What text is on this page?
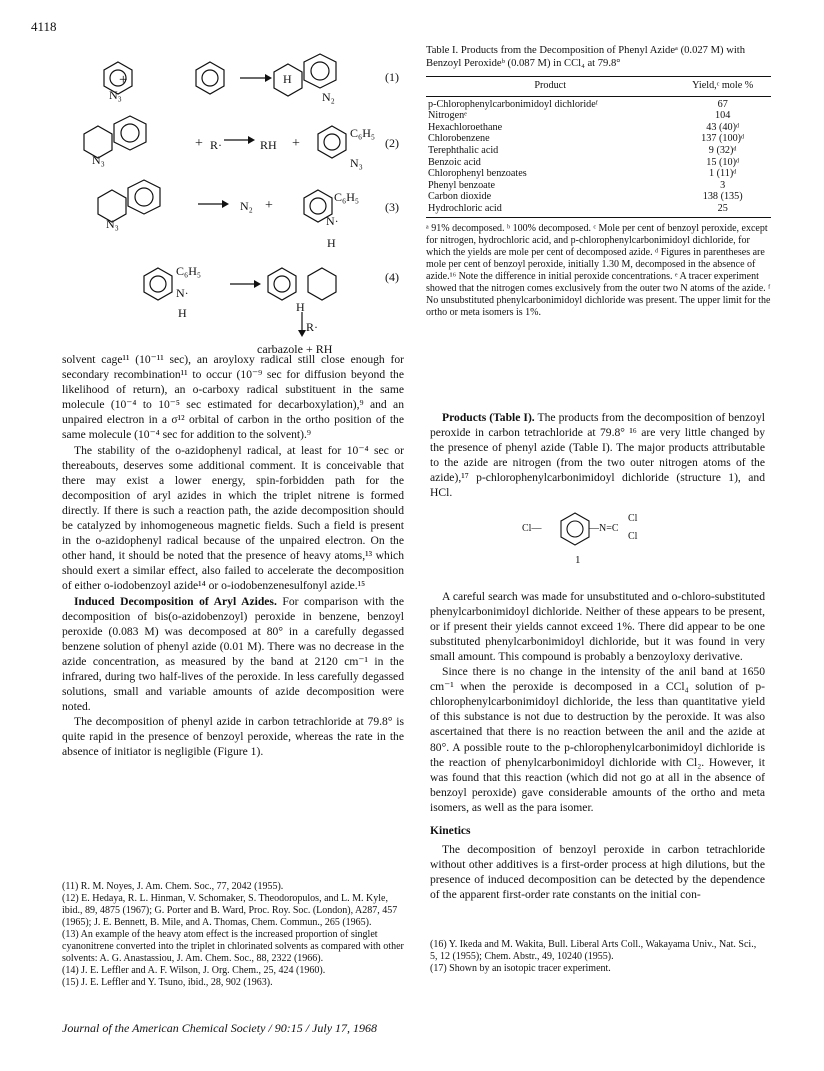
4118
+
N₃	N₂
H	(1)
N₃
+ R·	RH +
C₆H₅
N₃
(2)
N₃
N₂ +
C₆H₅
N·
H
(3)
C₆H₅
N·
H	H
(4)
R·
carbazole + RH
Table I. Products from the Decomposition of Phenyl Azideᵃ (0.027 M) with Benzoyl Peroxideᵇ (0.087 M) in CCl₄ at 79.8°
Product	Yield,ᶜ mole %
p-Chlorophenylcarbonimidoyl dichlorideᶠ	67
Nitrogenᵉ	104
Hexachloroethane	43 (40)ᵈ
Chlorobenzene	137 (100)ᵈ
Terephthalic acid	9 (32)ᵈ
Benzoic acid	15 (10)ᵈ
Chlorophenyl benzoates	1 (11)ᵈ
Phenyl benzoate	3
Carbon dioxide	138 (135)
Hydrochloric acid	25
ᵃ 91% decomposed. ᵇ 100% decomposed. ᶜ Mole per cent of benzoyl peroxide, except for nitrogen, hydrochloric acid, and p-chlorophenylcarbonimidoyl dichloride, for which the yields are mole per cent of decomposed azide. ᵈ Figures in parentheses are mole per cent of benzoyl peroxide, initially 1.30 M, decomposed in the absence of azide.¹⁶ Note the difference in initial peroxide concentrations. ᵉ A tracer experiment showed that the nitrogen comes exclusively from the outer two N atoms of the azide. ᶠ No unsubstituted phenylcarbonimidoyl dichloride was present. The upper limit for the ortho or meta isomers is 1%.

solvent cage¹¹ (10⁻¹¹ sec), an aroyloxy radical still close enough for secondary recombination¹¹ to occur (10⁻⁹ sec for diffusion beyond the likelihood of return), an o-carboxy radical substituent in the same molecule (10⁻⁴ to 10⁻⁵ sec estimated for decarboxylation),⁹ and an unpaired electron in a σ¹² orbital of carbon in the ortho position of the same molecule (10⁻⁴ sec for addition to the solvent).⁹

The stability of the o-azidophenyl radical, at least for 10⁻⁴ sec or thereabouts, deserves some additional comment. It is conceivable that there may exist a lower energy, spin-forbidden path for the decomposition of aryl azides in which the triplet nitrene is formed directly. If there is such a reaction path, the azide decomposition should be catalyzed by inhomogeneous magnetic fields. Such a field is present in the o-azidophenyl radical because of the unpaired electron. On the other hand, it should be noted that the presence of heavy atoms,¹³ which should exert a similar effect, also failed to accelerate the decomposition of either o-iodobenzoyl azide¹⁴ or o-iodobenzenesulfonyl azide.¹⁵

Induced Decomposition of Aryl Azides. For comparison with the decomposition of bis(o-azidobenzoyl) peroxide in benzene, benzoyl peroxide (0.083 M) was decomposed at 80° in a carefully degassed benzene solution of phenyl azide (0.01 M). There was no decrease in the azide concentration, as measured by the band at 2120 cm⁻¹ in the infrared, during two half-lives of the peroxide. In less carefully degassed solutions, small and variable amounts of azide decomposition were noted.

The decomposition of phenyl azide in carbon tetrachloride at 79.8° is quite rapid in the presence of benzoyl peroxide, whereas the rate in the absence of initiator is negligible (Figure 1).

(11) R. M. Noyes, J. Am. Chem. Soc., 77, 2042 (1955).
(12) E. Hedaya, R. L. Hinman, V. Schomaker, S. Theodoropulos, and L. M. Kyle, ibid., 89, 4875 (1967); G. Porter and B. Ward, Proc. Roy. Soc. (London), A287, 457 (1965); J. E. Bennett, B. Mile, and A. Thomas, Chem. Commun., 265 (1965).
(13) An example of the heavy atom effect is the increased proportion of singlet cyanonitrene converted into the triplet in chlorinated solvents as compared with other solvents: A. G. Anastassiou, J. Am. Chem. Soc., 88, 2322 (1966).
(14) J. E. Leffler and A. F. Wilson, J. Org. Chem., 25, 424 (1960).
(15) J. E. Leffler and Y. Tsuno, ibid., 28, 902 (1963).

Products (Table I). The products from the decomposition of benzoyl peroxide in carbon tetrachloride at 79.8° ¹⁶ are very little changed by the presence of phenyl azide (Table I). The major products attributable to the azide are nitrogen (from the two outer nitrogen atoms of the azide),¹⁷ p-chlorophenylcarbonimidoyl dichloride (structure 1), and HCl.

Cl—	—N=C
Cl
Cl
1

A careful search was made for unsubstituted and o-chloro-substituted phenylcarbonimidoyl dichloride. Neither of these appears to be present, or if present their yields cannot exceed 1%. There did appear to be one substituted phenylcarbonimidoyl dichloride, but it was found in very small amount. This compound is probably a benzoyloxy derivative.

Since there is no change in the intensity of the anil band at 1650 cm⁻¹ when the peroxide is decomposed in a CCl₄ solution of p-chlorophenylcarbonimidoyl dichloride, the less than quantitative yield of this substance is not due to destruction by the peroxide. It was also ascertained that there is no reaction between the anil and the azide at 80°. A possible route to the p-chlorophenylcarbonimidoyl dichloride is the reaction of phenylcarbonimidoyl dichloride with Cl₂. However, it was found that this reaction (which did not go at all in the absence of benzoyl peroxide) gave considerable amounts of the ortho and meta isomers, as well as the para isomer.

Kinetics

The decomposition of benzoyl peroxide in carbon tetrachloride without other additives is a first-order process at high dilutions, but the presence of induced decomposition can be detected by the dependence of the apparent first-order rate constants on the initial con-

(16) Y. Ikeda and M. Wakita, Bull. Liberal Arts Coll., Wakayama Univ., Nat. Sci., 5, 12 (1955); Chem. Abstr., 49, 10240 (1955).
(17) Shown by an isotopic tracer experiment.
Journal of the American Chemical Society / 90:15 / July 17, 1968
